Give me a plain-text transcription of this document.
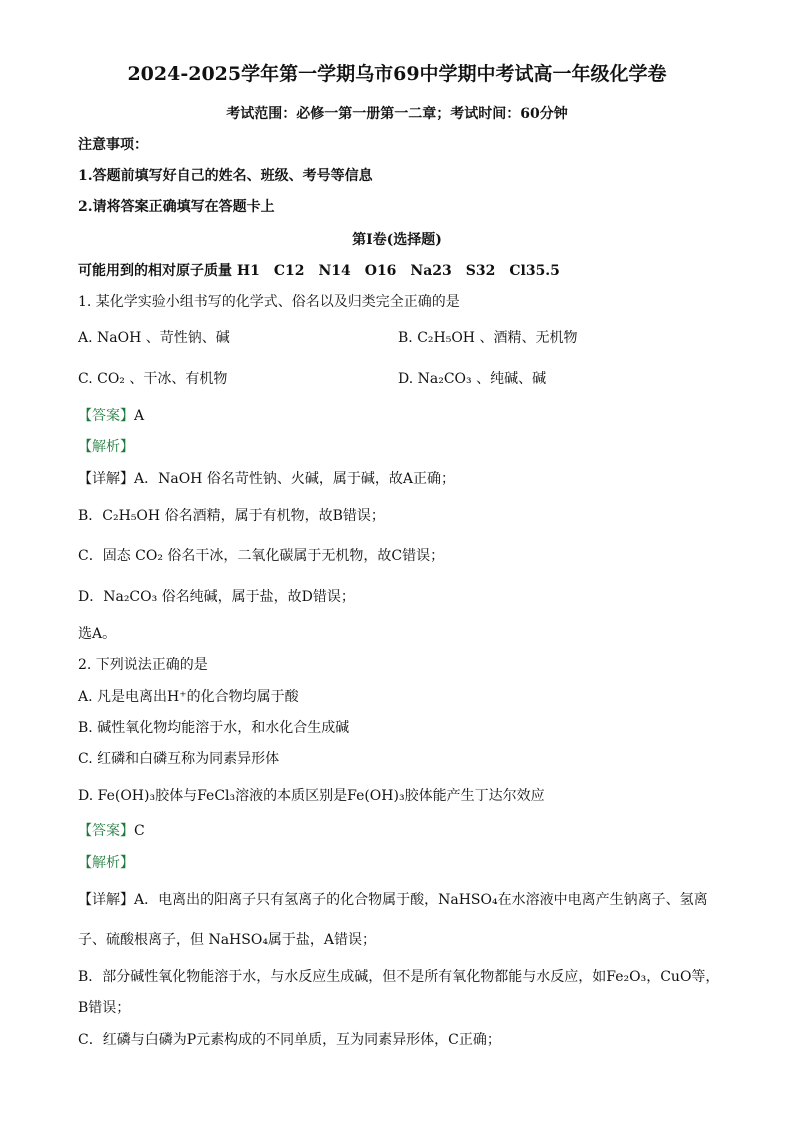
2024-2025学年第一学期乌市69中学期中考试高一年级化学卷
考试范围：必修一第一册第一二章；考试时间：60分钟
注意事项：
1.答题前填写好自己的姓名、班级、考号等信息
2.请将答案正确填写在答题卡上
第Ⅰ卷(选择题)
可能用到的相对原子质量 H1　C12　N14　O16　Na23　S32　Cl35.5
1. 某化学实验小组书写的化学式、俗名以及归类完全正确的是
A. NaOH 、苛性钠、碱	B. C₂H₅OH 、酒精、无机物
C. CO₂ 、干冰、有机物	D. Na₂CO₃ 、纯碱、碱
【答案】A
【解析】
【详解】A．NaOH 俗名苛性钠、火碱，属于碱，故A正确；
B．C₂H₅OH 俗名酒精，属于有机物，故B错误；
C．固态 CO₂ 俗名干冰，二氧化碳属于无机物，故C错误；
D．Na₂CO₃ 俗名纯碱，属于盐，故D错误；
选A。
2. 下列说法正确的是
A. 凡是电离出H⁺的化合物均属于酸
B. 碱性氧化物均能溶于水，和水化合生成碱
C. 红磷和白磷互称为同素异形体
D. Fe(OH)₃胶体与FeCl₃溶液的本质区别是Fe(OH)₃胶体能产生丁达尔效应
【答案】C
【解析】
【详解】A．电离出的阳离子只有氢离子的化合物属于酸，NaHSO₄在水溶液中电离产生钠离子、氢离
子、硫酸根离子，但 NaHSO₄属于盐，A错误；
B．部分碱性氧化物能溶于水，与水反应生成碱，但不是所有氧化物都能与水反应，如Fe₂O₃，CuO等，
B错误；
C．红磷与白磷为P元素构成的不同单质，互为同素异形体，C正确；
